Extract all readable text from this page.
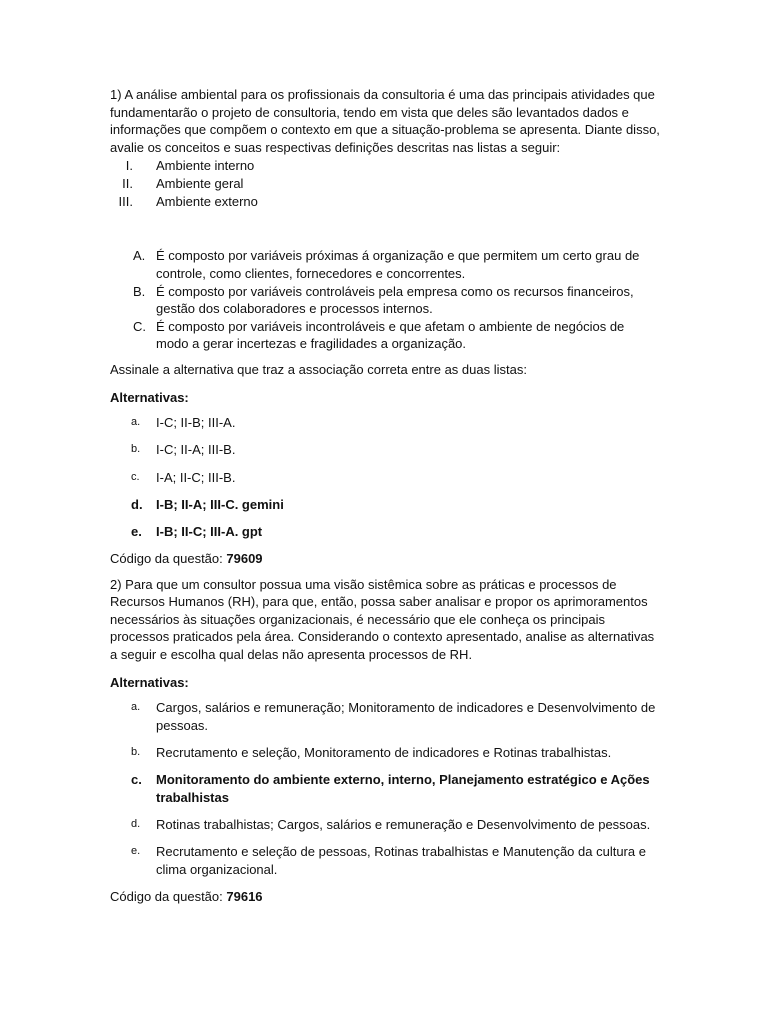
1) A análise ambiental para os profissionais da consultoria é uma das principais atividades que fundamentarão o projeto de consultoria, tendo em vista que deles são levantados dados e informações que compõem o contexto em que a situação-problema se apresenta. Diante disso, avalie os conceitos e suas respectivas definições descritas nas listas a seguir:

I. Ambiente interno
II. Ambiente geral
III. Ambiente externo
A. É composto por variáveis próximas á organização e que permitem um certo grau de controle, como clientes, fornecedores e concorrentes.
B. É composto por variáveis controláveis pela empresa como os recursos financeiros, gestão dos colaboradores e processos internos.
C. É composto por variáveis incontroláveis e que afetam o ambiente de negócios de modo a gerar incertezas e fragilidades a organização.

Assinale a alternativa que traz a associação correta entre as duas listas:

Alternativas:
a. I-C; II-B; III-A.
b. I-C; II-A; III-B.
c. I-A; II-C; III-B.
d. I-B; II-A; III-C. gemini
e. I-B; II-C; III-A. gpt
Código da questão: 79609

2) Para que um consultor possua uma visão sistêmica sobre as práticas e processos de Recursos Humanos (RH), para que, então, possa saber analisar e propor os aprimoramentos necessários às situações organizacionais, é necessário que ele conheça os principais processos praticados pela área. Considerando o contexto apresentado, analise as alternativas a seguir e escolha qual delas não apresenta processos de RH.

Alternativas:
a. Cargos, salários e remuneração; Monitoramento de indicadores e Desenvolvimento de pessoas.
b. Recrutamento e seleção, Monitoramento de indicadores e Rotinas trabalhistas.
c. Monitoramento do ambiente externo, interno, Planejamento estratégico e Ações trabalhistas
d. Rotinas trabalhistas; Cargos, salários e remuneração e Desenvolvimento de pessoas.
e. Recrutamento e seleção de pessoas, Rotinas trabalhistas e Manutenção da cultura e clima organizacional.
Código da questão: 79616
